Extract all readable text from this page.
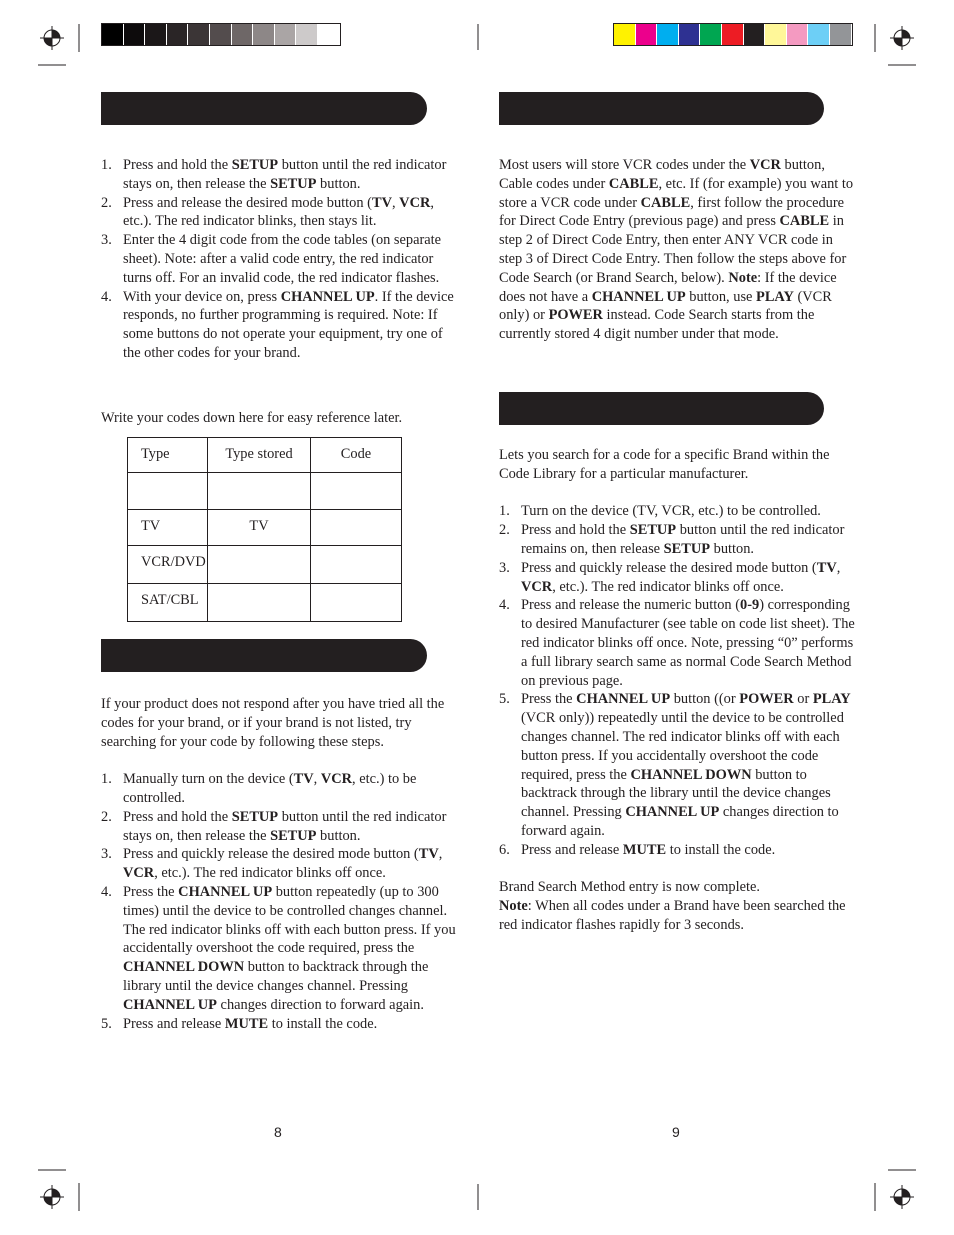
1. Press and hold the SETUP button until the red indicator stays on, then release the SETUP button.
2. Press and release the desired mode button (TV, VCR, etc.). The red indicator blinks, then stays lit.
3. Enter the 4 digit code from the code tables (on separate sheet). Note: after a valid code entry, the red indicator turns off. For an invalid code, the red indicator flashes.
4. With your device on, press CHANNEL UP. If the device responds, no further programming is required. Note: If some buttons do not operate your equipment, try one of the other codes for your brand.

Write your codes down here for easy reference later.

Type	Type stored	Code

TV	TV	

VCR/DVD		

SAT/CBL		

If your product does not respond after you have tried all the codes for your brand, or if your brand is not listed, try searching for your code by following these steps.

1. Manually turn on the device (TV, VCR, etc.) to be controlled.
2. Press and hold the SETUP button until the red indicator stays on, then release the SETUP button.
3. Press and quickly release the desired mode button (TV, VCR, etc.). The red indicator blinks off once.
4. Press the CHANNEL UP button repeatedly (up to 300 times) until the device to be controlled changes channel. The red indicator blinks off with each button press. If you accidentally overshoot the code required, press the CHANNEL DOWN button to backtrack through the library until the device changes channel. Pressing CHANNEL UP changes direction to forward again.
5. Press and release MUTE to install the code.
8

Most users will store VCR codes under the VCR button, Cable codes under CABLE, etc. If (for example) you want to store a VCR code under CABLE, first follow the procedure for Direct Code Entry (previous page) and press CABLE in step 2 of Direct Code Entry, then enter ANY VCR code in step 3 of Direct Code Entry. Then follow the steps above for Code Search (or Brand Search, below). Note: If the device does not have a CHANNEL UP button, use PLAY (VCR only) or POWER instead. Code Search starts from the currently stored 4 digit number under that mode.

Lets you search for a code for a specific Brand within the Code Library for a particular manufacturer.

1. Turn on the device (TV, VCR, etc.) to be controlled.
2. Press and hold the SETUP button until the red indicator remains on, then release SETUP button.
3. Press and quickly release the desired mode button (TV, VCR, etc.). The red indicator blinks off once.
4. Press and release the numeric button (0-9) corresponding to desired Manufacturer (see table on code list sheet). The red indicator blinks off once. Note, pressing “0” performs a full library search same as normal Code Search Method on previous page.
5. Press the CHANNEL UP button ((or POWER or PLAY (VCR only)) repeatedly until the device to be controlled changes channel. The red indicator blinks off with each button press. If you accidentally overshoot the code required, press the CHANNEL DOWN button to backtrack through the library until the device changes channel. Pressing CHANNEL UP changes direction to forward again.
6. Press and release MUTE to install the code.

Brand Search Method entry is now complete.

Note: When all codes under a Brand have been searched the red indicator flashes rapidly for 3 seconds.

9
